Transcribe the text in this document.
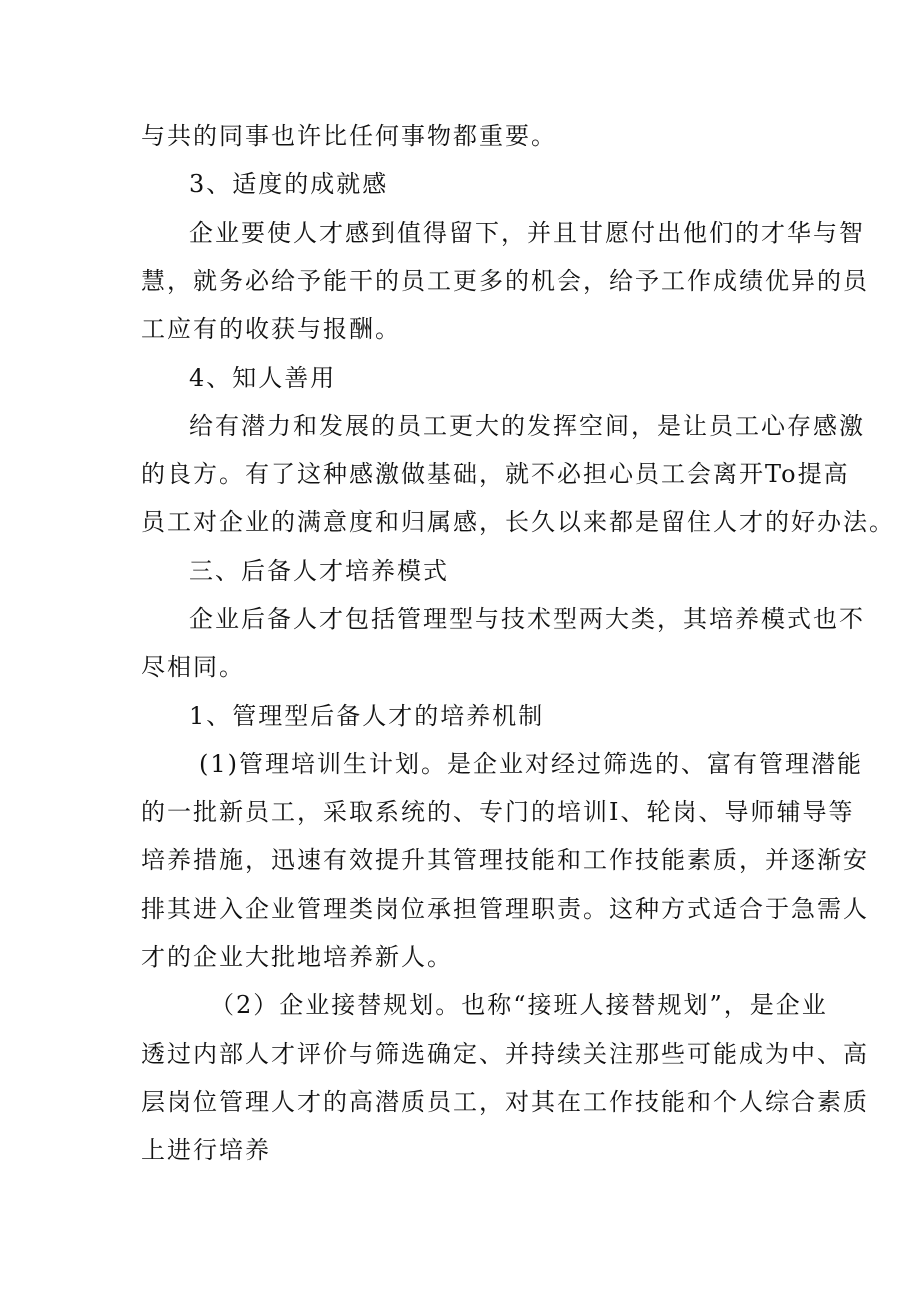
与共的同事也许比任何事物都重要。
3、适度的成就感
企业要使人才感到值得留下，并且甘愿付出他们的才华与智
慧，就务必给予能干的员工更多的机会，给予工作成绩优异的员
工应有的收获与报酬。
4、知人善用
给有潜力和发展的员工更大的发挥空间，是让员工心存感激
的良方。有了这种感激做基础，就不必担心员工会离开To提高
员工对企业的满意度和归属感，长久以来都是留住人才的好办法。
三、后备人才培养模式
企业后备人才包括管理型与技术型两大类，其培养模式也不
尽相同。
1、管理型后备人才的培养机制
(1)管理培训生计划。是企业对经过筛选的、富有管理潜能
的一批新员工，采取系统的、专门的培训I、轮岗、导师辅导等
培养措施，迅速有效提升其管理技能和工作技能素质，并逐渐安
排其进入企业管理类岗位承担管理职责。这种方式适合于急需人
才的企业大批地培养新人。
（2）企业接替规划。也称“接班人接替规划”，是企业
透过内部人才评价与筛选确定、并持续关注那些可能成为中、高
层岗位管理人才的高潜质员工，对其在工作技能和个人综合素质
上进行培养
